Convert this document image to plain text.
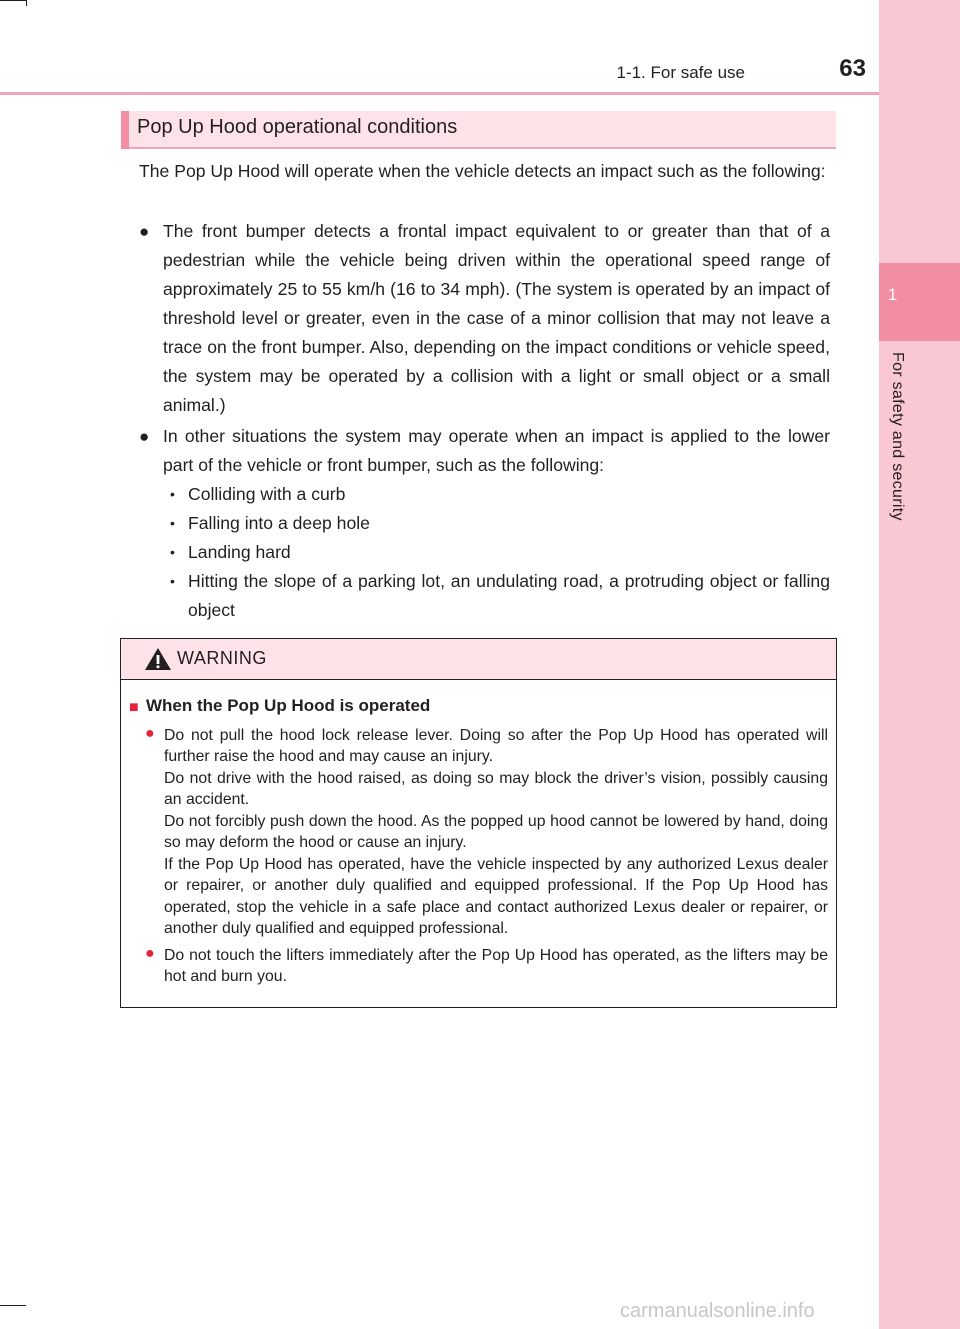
1
For safety and security
1-1. For safe use	63
Pop Up Hood operational conditions
The Pop Up Hood will operate when the vehicle detects an impact such as the following:
● The front bumper detects a frontal impact equivalent to or greater than that of a pedestrian while the vehicle being driven within the operational speed range of approximately 25 to 55 km/h (16 to 34 mph). (The system is operated by an impact of threshold level or greater, even in the case of a minor collision that may not leave a trace on the front bumper. Also, depending on the impact conditions or vehicle speed, the system may be operated by a collision with a light or small object or a small animal.)
● In other situations the system may operate when an impact is applied to the lower part of the vehicle or front bumper, such as the following:
• Colliding with a curb
• Falling into a deep hole
• Landing hard
• Hitting the slope of a parking lot, an undulating road, a protruding object or falling object
WARNING
■ When the Pop Up Hood is operated
● Do not pull the hood lock release lever. Doing so after the Pop Up Hood has operated will further raise the hood and may cause an injury.
Do not drive with the hood raised, as doing so may block the driver’s vision, possibly causing an accident.
Do not forcibly push down the hood. As the popped up hood cannot be lowered by hand, doing so may deform the hood or cause an injury.
If the Pop Up Hood has operated, have the vehicle inspected by any authorized Lexus dealer or repairer, or another duly qualified and equipped professional. If the Pop Up Hood has operated, stop the vehicle in a safe place and contact authorized Lexus dealer or repairer, or another duly qualified and equipped professional.
● Do not touch the lifters immediately after the Pop Up Hood has operated, as the lifters may be hot and burn you.
carmanualsonline.info
